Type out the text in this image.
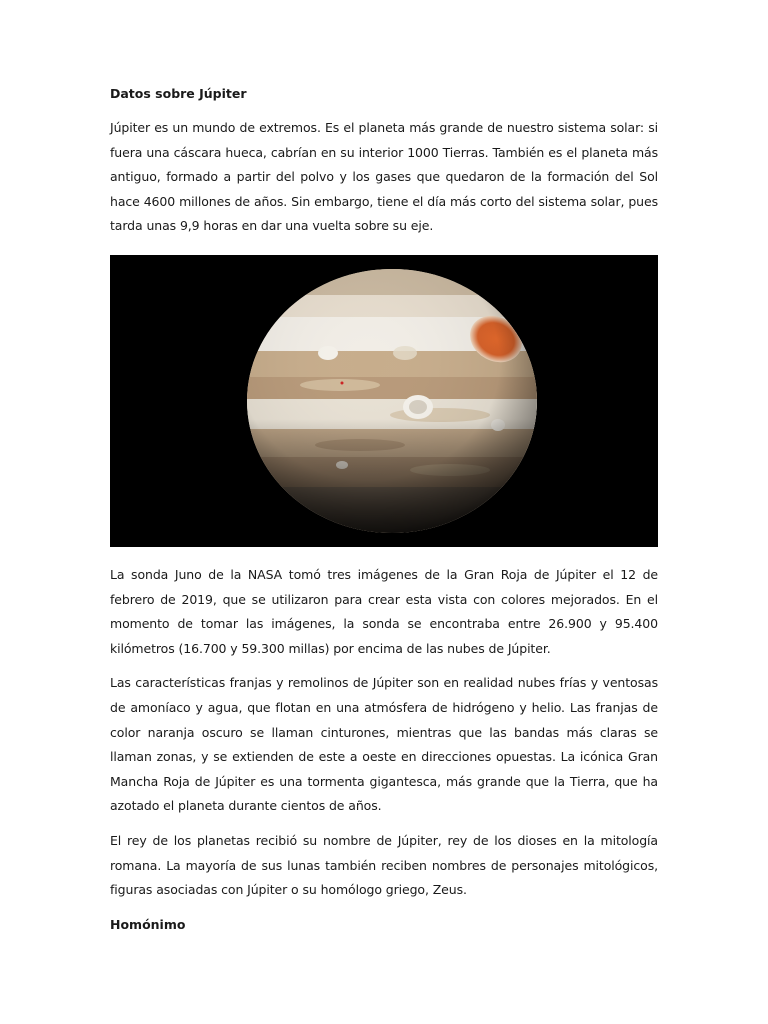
Datos sobre Júpiter

Júpiter es un mundo de extremos. Es el planeta más grande de nuestro sistema solar: si fuera una cáscara hueca, cabrían en su interior 1000 Tierras. También es el planeta más antiguo, formado a partir del polvo y los gases que quedaron de la formación del Sol hace 4600 millones de años. Sin embargo, tiene el día más corto del sistema solar, pues tarda unas 9,9 horas en dar una vuelta sobre su eje.

La sonda Juno de la NASA tomó tres imágenes de la Gran Roja de Júpiter el 12 de febrero de 2019, que se utilizaron para crear esta vista con colores mejorados. En el momento de tomar las imágenes, la sonda se encontraba entre 26.900 y 95.400 kilómetros (16.700 y 59.300 millas) por encima de las nubes de Júpiter.

Las características franjas y remolinos de Júpiter son en realidad nubes frías y ventosas de amoníaco y agua, que flotan en una atmósfera de hidrógeno y helio. Las franjas de color naranja oscuro se llaman cinturones, mientras que las bandas más claras se llaman zonas, y se extienden de este a oeste en direcciones opuestas. La icónica Gran Mancha Roja de Júpiter es una tormenta gigantesca, más grande que la Tierra, que ha azotado el planeta durante cientos de años.

El rey de los planetas recibió su nombre de Júpiter, rey de los dioses en la mitología romana. La mayoría de sus lunas también reciben nombres de personajes mitológicos, figuras asociadas con Júpiter o su homólogo griego, Zeus.

Homónimo
